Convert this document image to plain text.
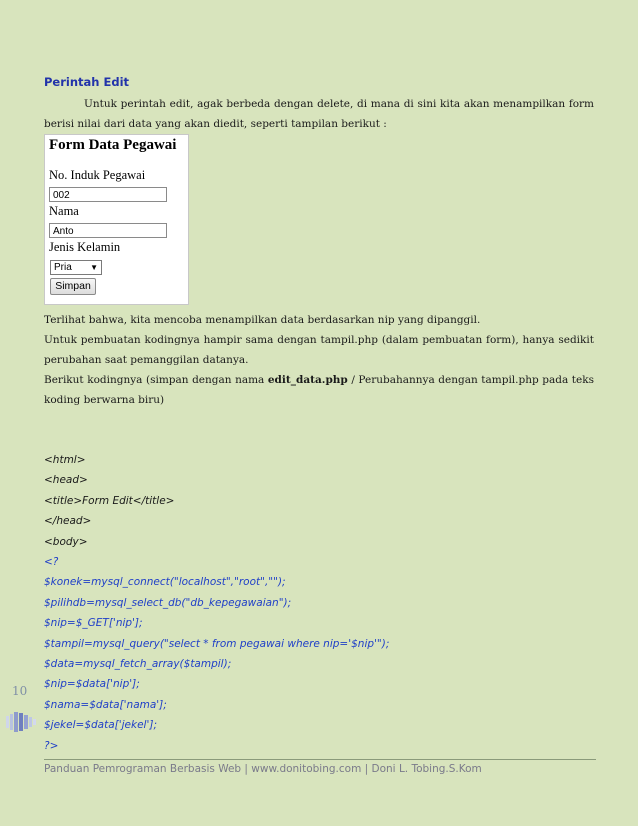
Perintah Edit

Untuk perintah edit, agak berbeda dengan delete, di mana di sini kita akan menampilkan form berisi nilai dari data yang akan diedit, seperti tampilan berikut :

Form Data Pegawai
No. Induk Pegawai
002
Nama
Anto
Jenis Kelamin
Pria ▼
Simpan

Terlihat bahwa, kita mencoba menampilkan data berdasarkan nip yang dipanggil.

Untuk pembuatan kodingnya hampir sama dengan tampil.php (dalam pembuatan form), hanya sedikit perubahan saat pemanggilan datanya.

Berikut kodingnya (simpan dengan nama edit_data.php / Perubahannya dengan tampil.php pada teks koding berwarna biru)

<html>
<head>
<title>Form Edit</title>
</head>
<body>
<?
$konek=mysql_connect("localhost","root","");
$pilihdb=mysql_select_db("db_kepegawaian");
$nip=$_GET['nip'];
$tampil=mysql_query("select * from pegawai where nip='$nip'");
$data=mysql_fetch_array($tampil);
$nip=$data['nip'];
$nama=$data['nama'];
$jekel=$data['jekel'];
?>
10
Panduan Pemrograman Berbasis Web | www.donitobing.com | Doni L. Tobing.S.Kom
